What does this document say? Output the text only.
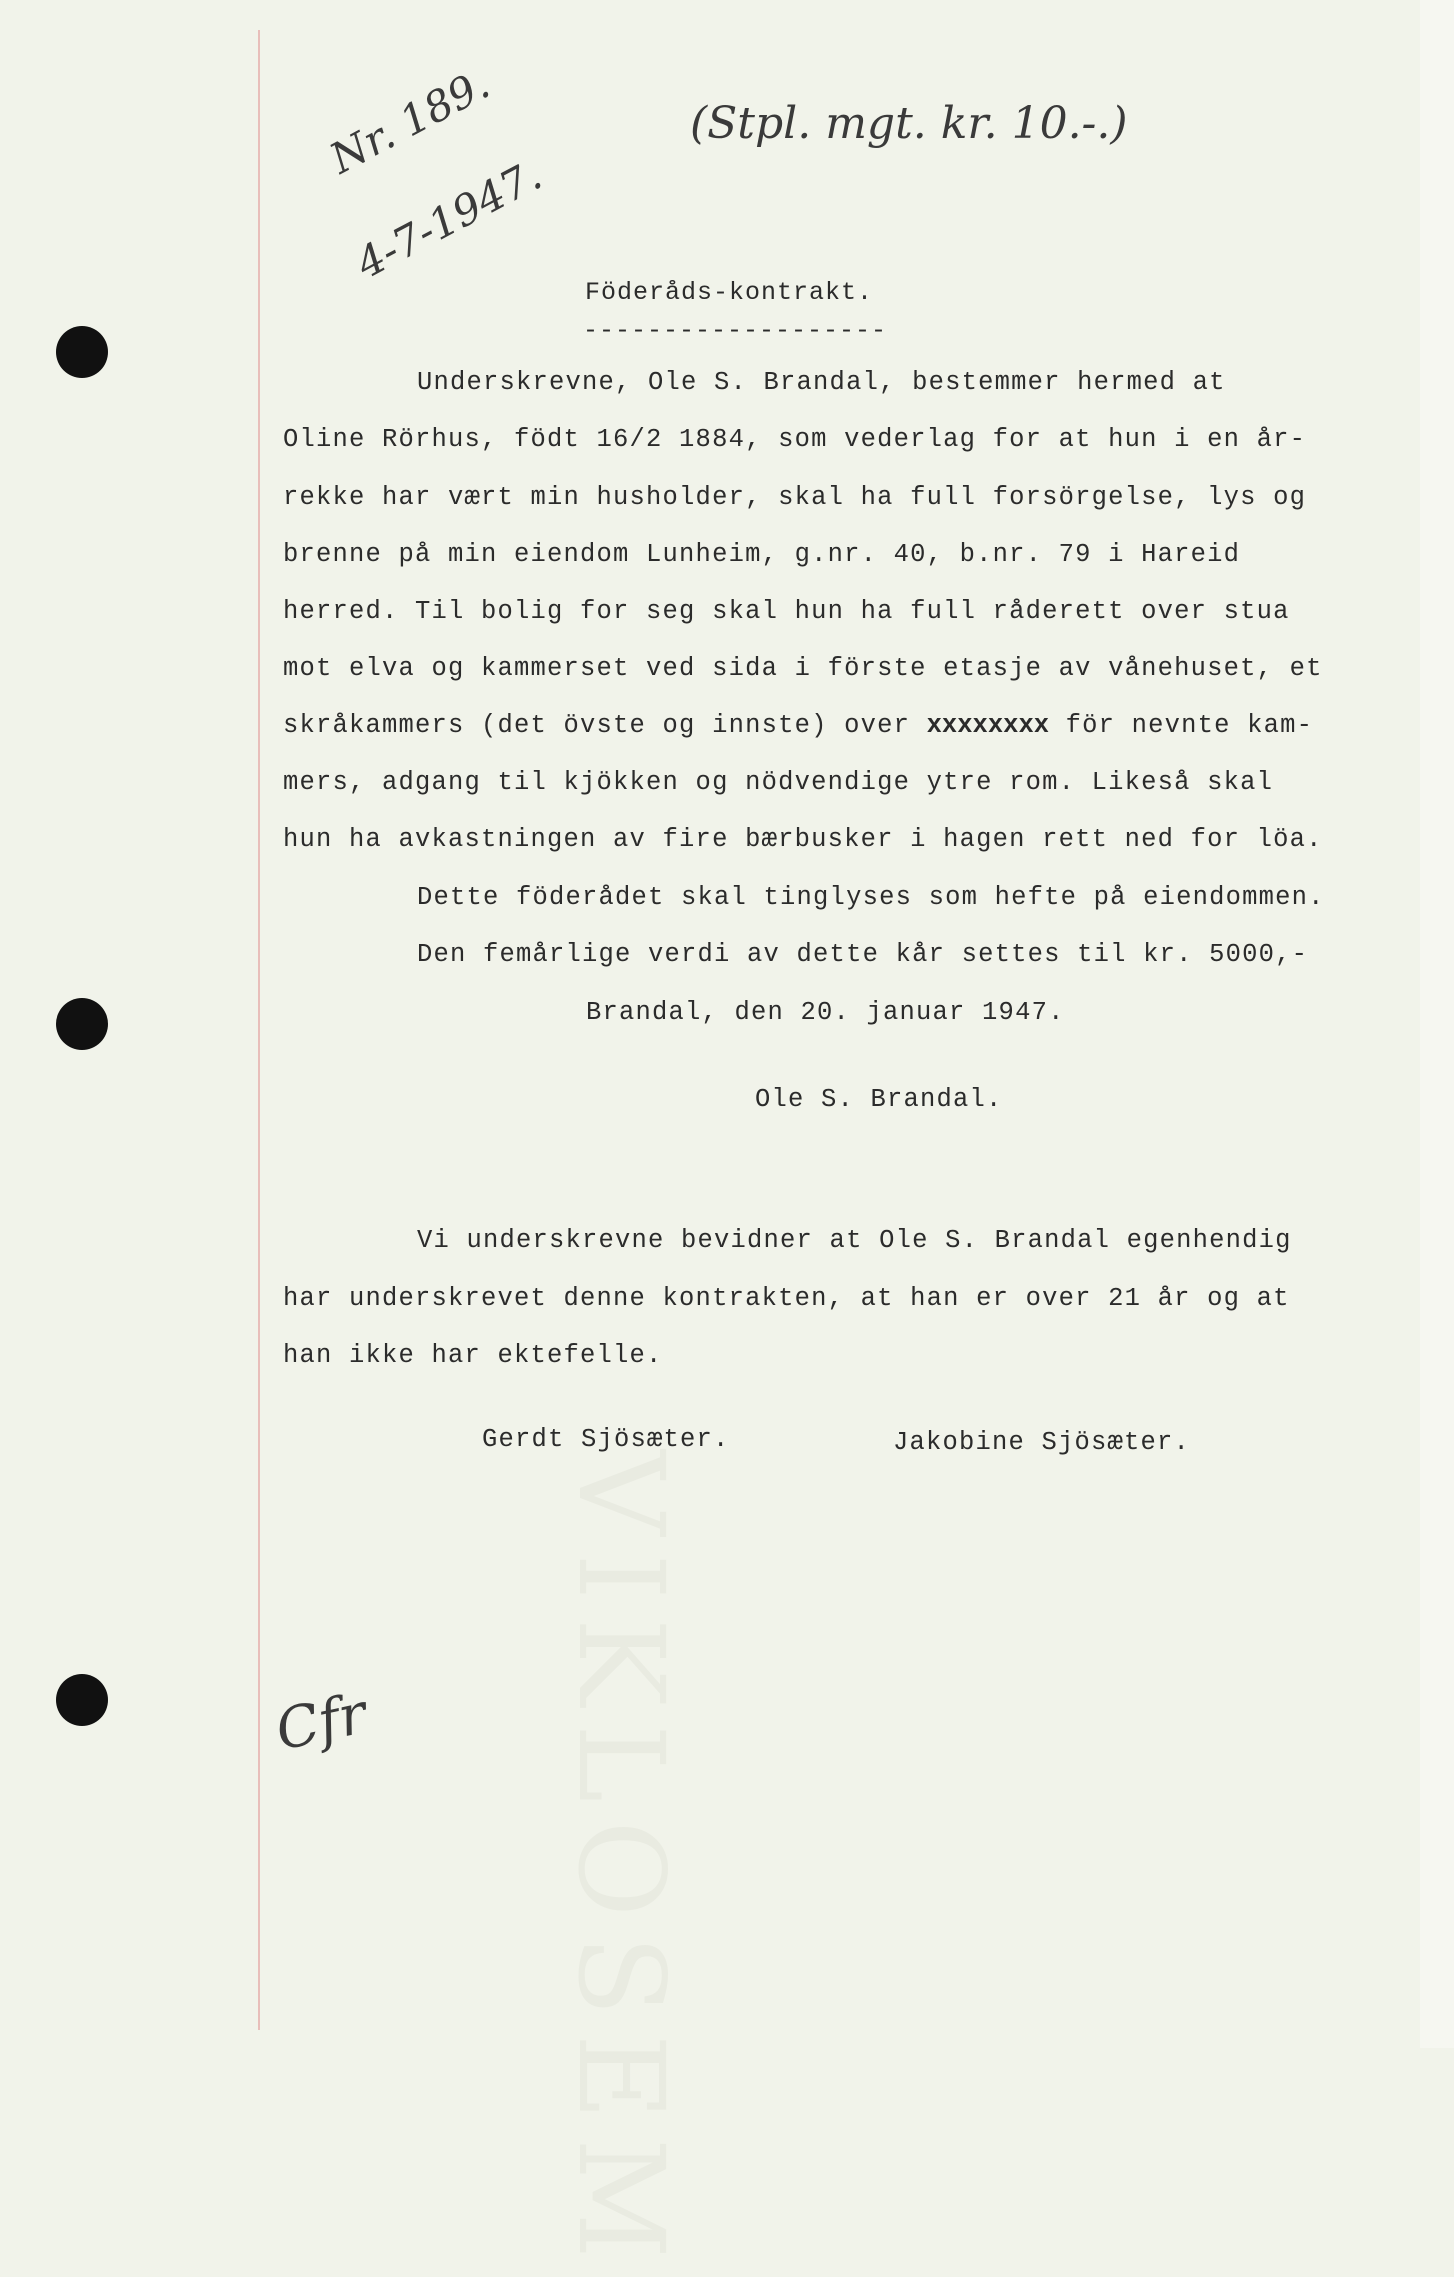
VIKLOSEM
Nr. 189.
4-7-1947.
(Stpl. mgt. kr. 10.-.)
Föderåds-kontrakt.
-------------------
Underskrevne, Ole S. Brandal, bestemmer hermed at
Oline Rörhus, födt 16/2 1884, som vederlag for at hun i en år-
rekke har vært min husholder, skal ha full forsörgelse, lys og
brenne på min eiendom Lunheim, g.nr. 40, b.nr. 79 i Hareid
herred. Til bolig for seg skal hun ha full råderett over stua
mot elva og kammerset ved sida i förste etasje av vånehuset, et
skråkammers (det övste og innste) over xxxxxxxx för nevnte kam-
mers, adgang til kjökken og nödvendige ytre rom. Likeså skal
hun ha avkastningen av fire bærbusker i hagen rett ned for löa.
Dette föderådet skal tinglyses som hefte på eiendommen.
Den femårlige verdi av dette kår settes til kr. 5000,-
Brandal, den 20. januar 1947.
Ole S. Brandal.
Vi underskrevne bevidner at Ole S. Brandal egenhendig
har underskrevet denne kontrakten, at han er over 21 år og at
han ikke har ektefelle.
Gerdt Sjösæter.	Jakobine Sjösæter.
Cfr
